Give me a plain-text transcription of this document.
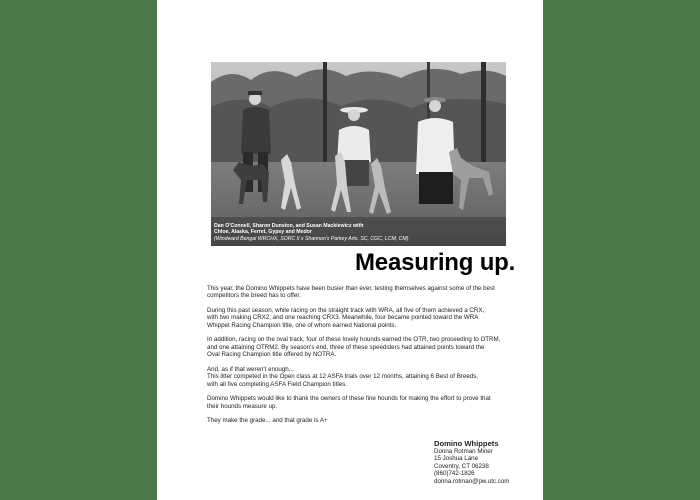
Dan O'Connell, Sharon Dunston, and Susan Mackiewicz with
Chloe, Alaska, Ferret, Gypsy and Medor
(Windward Bengal WRCHX, SORC II x Shannon's Parkey Arts. SC, CGC, LCM, CM)
Measuring up.

This year, the Domino Whippets have been busier than ever, testing themselves against some of the best
competitors the breed has to offer.

During this past season, while racing on the straight track with WRA, all five of them achieved a CRX,
with two making CRX2, and one reaching CRX3. Meanwhile, four became pointed toward the WRA
Whippet Racing Champion title, one of whom earned National points.

In addition, racing on the oval track, four of these lovely hounds earned the OTR, two proceeding to OTRM,
and one attaining OTRM2. By season's end, three of these speedsters had attained points toward the
Oval Racing Champion title offered by NOTRA.

And, as if that weren't enough...
This litter competed in the Open class at 12 ASFA trials over 12 months, attaining 6 Best of Breeds,
with all five completing ASFA Field Champion titles.

Domino Whippets would like to thank the owners of these fine hounds for making the effort to prove that
their hounds measure up.

They make the grade... and that grade is A+

Domino Whippets
Donna Rotman Miner
15 Joshua Lane
Coventry, CT 06238
(860)742-1826
donna.rotman@pw.utc.com
